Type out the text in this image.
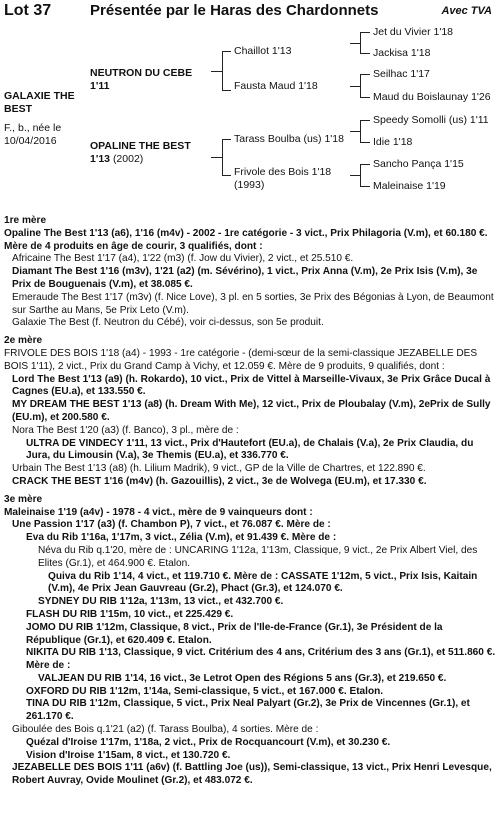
Lot 37	Présentée par le Haras des Chardonnets	Avec TVA
GALAXIE THE BEST
F., b., née le 10/04/2016
NEUTRON DU CEBE 1'11
OPALINE THE BEST
1'13 (2002)
Chaillot 1'13
Fausta Maud 1'18
Tarass Boulba (us) 1'18
Frivole des Bois 1'18 (1993)
Jet du Vivier 1'18
Jackisa 1'18
Seilhac 1'17
Maud du Boislaunay 1'26
Speedy Somolli (us) 1'11
Idie 1'18
Sancho Pança 1'15
Maleinaise 1'19

1re mère

Opaline The Best 1'13 (a6), 1'16 (m4v) - 2002 - 1re catégorie - 3 vict., Prix Philagoria (V.m), et 60.180 €. Mère de 4 produits en âge de courir, 3 qualifiés, dont :

Africaine The Best 1'17 (a4), 1'22 (m3) (f. Jow du Vivier), 2 vict., et 25.510 €.

Diamant The Best 1'16 (m3v), 1'21 (a2) (m. Sévérino), 1 vict., Prix Anna (V.m), 2e Prix Isis (V.m), 3e Prix de Bouguenais (V.m), et 38.085 €.

Emeraude The Best 1'17 (m3v) (f. Nice Love), 3 pl. en 5 sorties, 3e Prix des Bégonias à Lyon, de Beaumont sur Sarthe au Mans, 5e Prix Leto (V.m).

Galaxie The Best (f. Neutron du Cébé), voir ci-dessus, son 5e produit.

2e mère

FRIVOLE DES BOIS 1'18 (a4) - 1993 - 1re catégorie - (demi-sœur de la semi-classique JEZABELLE DES BOIS 1'11), 2 vict., Prix du Grand Camp à Vichy, et 12.059 €. Mère de 9 produits, 9 qualifiés, dont :

Lord The Best 1'13 (a9) (h. Rokardo), 10 vict., Prix de Vittel à Marseille-Vivaux, 3e Prix Grâce Ducal à Cagnes (EU.a), et 133.550 €.

MY DREAM THE BEST 1'13 (a8) (h. Dream With Me), 12 vict., Prix de Ploubalay (V.m), 2ePrix de Sully (EU.m), et 200.580 €.

Nora The Best 1'20 (a3) (f. Banco), 3 pl., mère de :

ULTRA DE VINDECY 1'11, 13 vict., Prix d'Hautefort (EU.a), de Chalais (V.a), 2e Prix Claudia, du Jura, du Limousin (V.a), 3e Themis (EU.a), et 336.770 €.

Urbain The Best 1'13 (a8) (h. Lilium Madrik), 9 vict., GP de la Ville de Chartres, et 122.890 €.

CRACK THE BEST 1'16 (m4v) (h. Gazouillis), 2 vict., 3e de Wolvega (EU.m), et 17.330 €.

3e mère

Maleinaise 1'19 (a4v) - 1978 - 4 vict., mère de 9 vainqueurs dont :

Une Passion 1'17 (a3) (f. Chambon P), 7 vict., et 76.087 €. Mère de :

Eva du Rib 1'16a, 1'17m, 3 vict., Zélia (V.m), et 91.439 €. Mère de :

Néva du Rib q.1'20, mère de : UNCARING 1'12a, 1'13m, Classique, 9 vict., 2e Prix Albert Viel, des Elites (Gr.1), et 464.900 €. Etalon.

Quiva du Rib 1'14, 4 vict., et 119.710 €. Mère de : CASSATE 1'12m, 5 vict., Prix Isis, Kaitain (V.m), 4e Prix Jean Gauvreau (Gr.2), Phact (Gr.3), et 124.070 €.

SYDNEY DU RIB 1'12a, 1'13m, 13 vict., et 432.700 €.

FLASH DU RIB 1'15m, 10 vict., et 225.429 €.

JOMO DU RIB 1'12m, Classique, 8 vict., Prix de l'Ile-de-France (Gr.1), 3e Président de la République (Gr.1), et 620.409 €. Etalon.

NIKITA DU RIB 1'13, Classique, 9 vict. Critérium des 4 ans, Critérium des 3 ans (Gr.1), et 511.860 €. Mère de :

VALJEAN DU RIB 1'14, 16 vict., 3e Letrot Open des Régions 5 ans (Gr.3), et 219.650 €.

OXFORD DU RIB 1'12m, 1'14a, Semi-classique, 5 vict., et 167.000 €. Etalon.

TINA DU RIB 1'12m, Classique, 5 vict., Prix Neal Palyart (Gr.2), 3e Prix de Vincennes (Gr.1), et 261.170 €.

Giboulée des Bois q.1'21 (a2) (f. Tarass Boulba), 4 sorties. Mère de :

Quézal d'Iroise 1'17m, 1'18a, 2 vict., Prix de Rocquancourt (V.m), et 30.230 €.

Vision d'Iroise 1'15am, 8 vict., et 130.720 €.

JEZABELLE DES BOIS 1'11 (a6v) (f. Battling Joe (us)), Semi-classique, 13 vict., Prix Henri Levesque, Robert Auvray, Ovide Moulinet (Gr.2), et 483.072 €.
